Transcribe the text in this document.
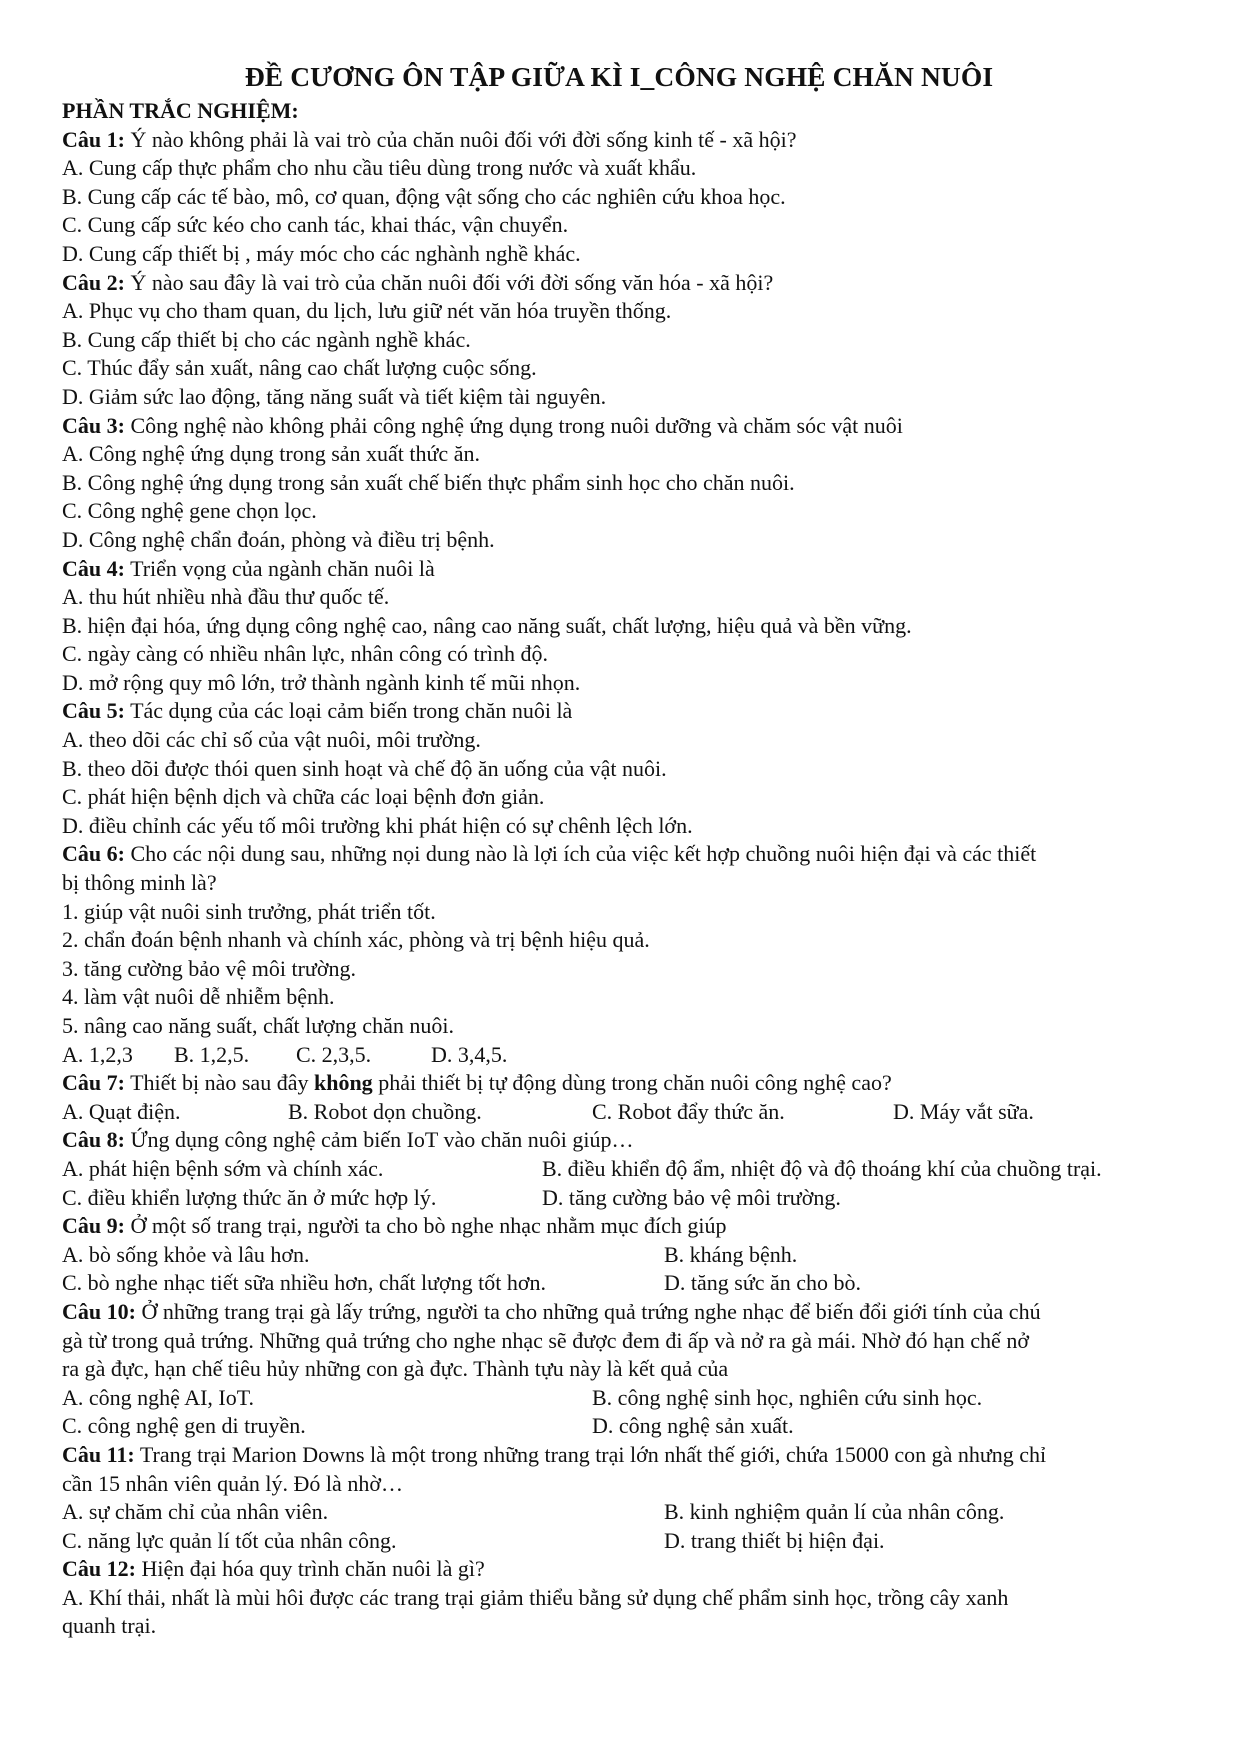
ĐỀ CƯƠNG ÔN TẬP GIỮA KÌ I_CÔNG NGHỆ CHĂN NUÔI

PHẦN TRẮC NGHIỆM:

Câu 1: Ý nào không phải là vai trò của chăn nuôi đối với đời sống kinh tế - xã hội?

A. Cung cấp thực phẩm cho nhu cầu tiêu dùng trong nước và xuất khẩu.

B. Cung cấp các tế bào, mô, cơ quan, động vật sống cho các nghiên cứu khoa học.

C. Cung cấp sức kéo cho canh tác, khai thác, vận chuyển.

D. Cung cấp thiết bị , máy móc cho các nghành nghề khác.

Câu 2: Ý nào sau đây là vai trò của chăn nuôi đối với đời sống văn hóa - xã hội?

A. Phục vụ cho tham quan, du lịch, lưu giữ nét văn hóa truyền thống.

B. Cung cấp thiết bị cho các ngành nghề khác.

C. Thúc đẩy sản xuất, nâng cao chất lượng cuộc sống.

D. Giảm sức lao động, tăng năng suất và tiết kiệm tài nguyên.

Câu 3: Công nghệ nào không phải công nghệ ứng dụng trong nuôi dưỡng và chăm sóc vật nuôi

A. Công nghệ ứng dụng trong sản xuất thức ăn.

B. Công nghệ ứng dụng trong sản xuất chế biến thực phẩm sinh học cho chăn nuôi.

C. Công nghệ gene chọn lọc.

D. Công nghệ chẩn đoán, phòng và điều trị bệnh.

Câu 4: Triển vọng của ngành chăn nuôi là

A. thu hút nhiều nhà đầu thư quốc tế.

B. hiện đại hóa, ứng dụng công nghệ cao, nâng cao năng suất, chất lượng, hiệu quả và bền vững.

C. ngày càng có nhiều nhân lực, nhân công có trình độ.

D. mở rộng quy mô lớn, trở thành ngành kinh tế mũi nhọn.

Câu 5: Tác dụng của các loại cảm biến trong chăn nuôi là

A. theo dõi các chỉ số của vật nuôi, môi trường.

B. theo dõi được thói quen sinh hoạt và chế độ ăn uống của vật nuôi.

C. phát hiện bệnh dịch và chữa các loại bệnh đơn giản.

D. điều chỉnh các yếu tố môi trường khi phát hiện có sự chênh lệch lớn.

Câu 6: Cho các nội dung sau, những nọi dung nào là lợi ích của việc kết hợp chuồng nuôi hiện đại và các thiết

bị thông minh là?

1. giúp vật nuôi sinh trưởng, phát triển tốt.

2. chẩn đoán bệnh nhanh và chính xác, phòng và trị bệnh hiệu quả.

3. tăng cường bảo vệ môi trường.

4. làm vật nuôi dễ nhiễm bệnh.

5. nâng cao năng suất, chất lượng chăn nuôi.

A. 1,2,3	B. 1,2,5.	C. 2,3,5.	D. 3,4,5.

Câu 7: Thiết bị nào sau đây không phải thiết bị tự động dùng trong chăn nuôi công nghệ cao?

A. Quạt điện.	B. Robot dọn chuồng.	C. Robot đẩy thức ăn.	D. Máy vắt sữa.

Câu 8: Ứng dụng công nghệ cảm biến IoT vào chăn nuôi giúp…

A. phát hiện bệnh sớm và chính xác.	B. điều khiển độ ẩm, nhiệt độ và độ thoáng khí của chuồng trại.
C. điều khiển lượng thức ăn ở mức hợp lý.	D. tăng cường bảo vệ môi trường.

Câu 9: Ở một số trang trại, người ta cho bò nghe nhạc nhằm mục đích giúp

A. bò sống khỏe và lâu hơn.	B. kháng bệnh.
C. bò nghe nhạc tiết sữa nhiều hơn, chất lượng tốt hơn.	D. tăng sức ăn cho bò.

Câu 10: Ở những trang trại gà lấy trứng, người ta cho những quả trứng nghe nhạc để biến đổi giới tính của chú

gà từ trong quả trứng. Những quả trứng cho nghe nhạc sẽ được đem đi ấp và nở ra gà mái. Nhờ đó hạn chế nở

ra gà đực, hạn chế tiêu hủy những con gà đực. Thành tựu này là kết quả của

A. công nghệ AI, IoT.	B. công nghệ sinh học, nghiên cứu sinh học.
C. công nghệ gen di truyền.	D. công nghệ sản xuất.

Câu 11: Trang trại Marion Downs là một trong những trang trại lớn nhất thế giới, chứa 15000 con gà nhưng chỉ

cần 15 nhân viên quản lý. Đó là nhờ…

A. sự chăm chỉ của nhân viên.	B. kinh nghiệm quản lí của nhân công.
C. năng lực quản lí tốt của nhân công.	D. trang thiết bị hiện đại.

Câu 12: Hiện đại hóa quy trình chăn nuôi là gì?

A. Khí thải, nhất là mùi hôi được các trang trại giảm thiểu bằng sử dụng chế phẩm sinh học, trồng cây xanh

quanh trại.
